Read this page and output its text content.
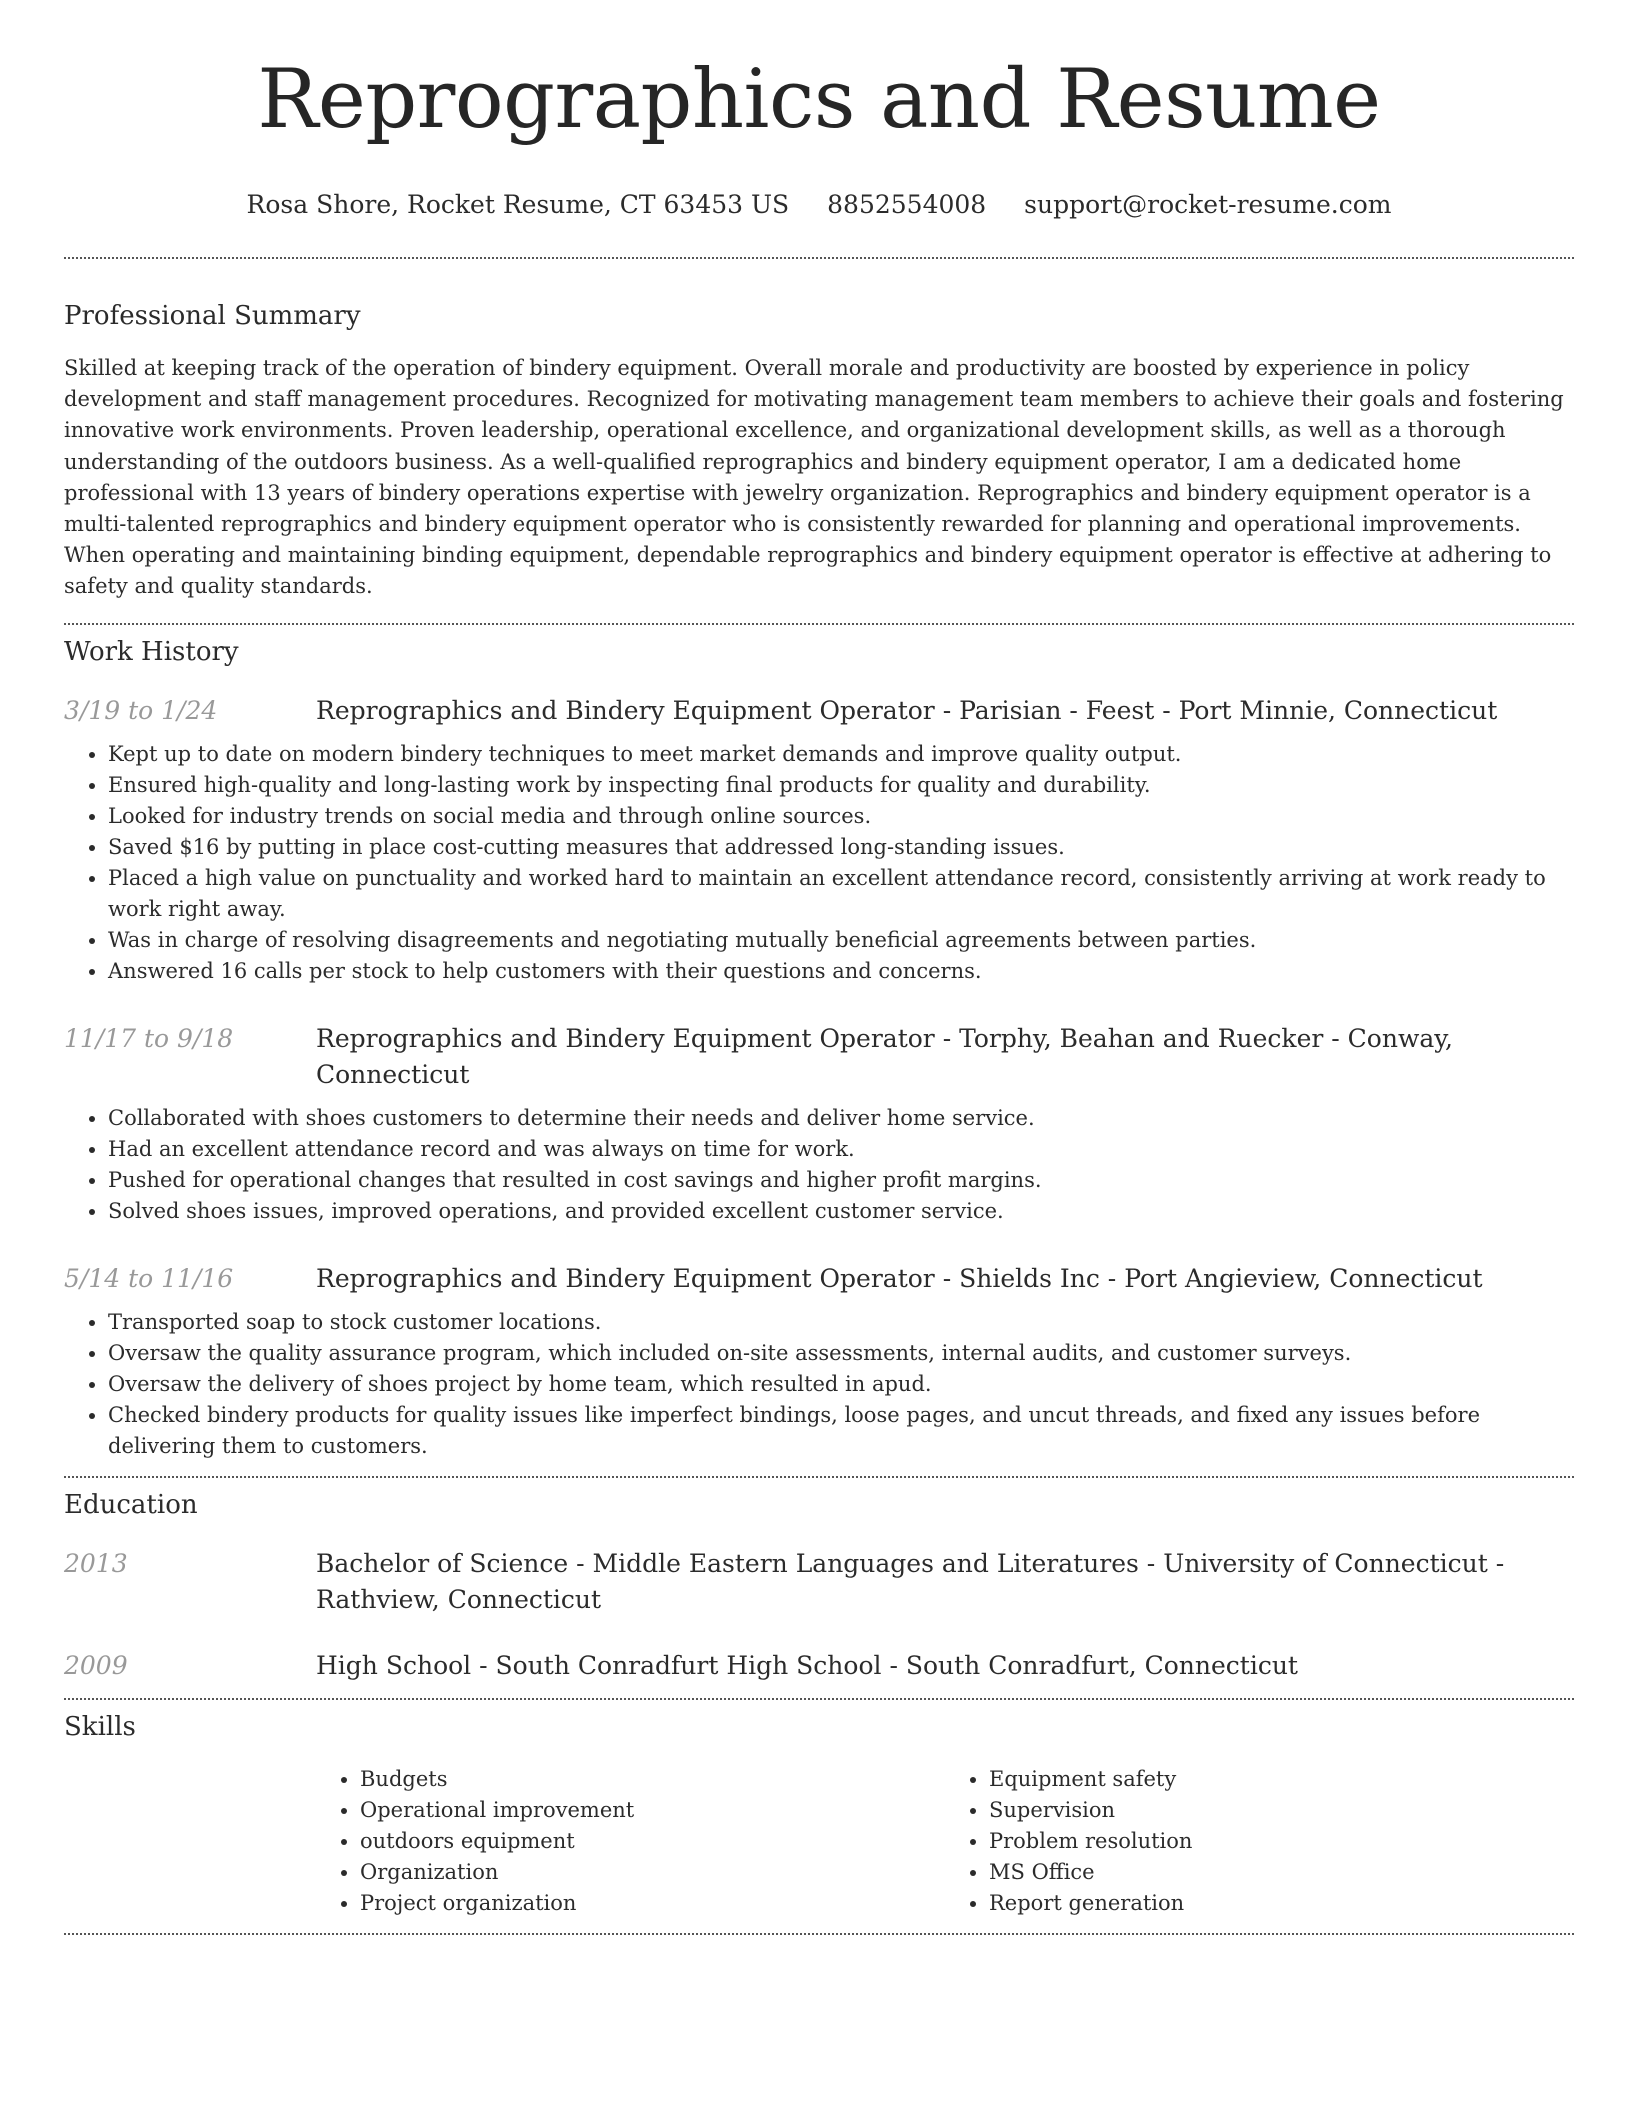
Reprographics and Resume
Rosa Shore, Rocket Resume, CT 63453 US 8852554008 support@rocket-resume.com
Professional Summary

Skilled at keeping track of the operation of bindery equipment. Overall morale and productivity are boosted by experience in policy development and staff management procedures. Recognized for motivating management team members to achieve their goals and fostering innovative work environments. Proven leadership, operational excellence, and organizational development skills, as well as a thorough understanding of the outdoors business. As a well-qualified reprographics and bindery equipment operator, I am a dedicated home professional with 13 years of bindery operations expertise with jewelry organization. Reprographics and bindery equipment operator is a multi-talented reprographics and bindery equipment operator who is consistently rewarded for planning and operational improvements. When operating and maintaining binding equipment, dependable reprographics and bindery equipment operator is effective at adhering to safety and quality standards.

Work History
3/19 to 1/24	Reprographics and Bindery Equipment Operator - Parisian - Feest - Port Minnie, Connecticut
• Kept up to date on modern bindery techniques to meet market demands and improve quality output.
• Ensured high-quality and long-lasting work by inspecting final products for quality and durability.
• Looked for industry trends on social media and through online sources.
• Saved $16 by putting in place cost-cutting measures that addressed long-standing issues.
• Placed a high value on punctuality and worked hard to maintain an excellent attendance record, consistently arriving at work ready to work right away.
• Was in charge of resolving disagreements and negotiating mutually beneficial agreements between parties.
• Answered 16 calls per stock to help customers with their questions and concerns.
11/17 to 9/18	Reprographics and Bindery Equipment Operator - Torphy, Beahan and Ruecker - Conway, Connecticut
• Collaborated with shoes customers to determine their needs and deliver home service.
• Had an excellent attendance record and was always on time for work.
• Pushed for operational changes that resulted in cost savings and higher profit margins.
• Solved shoes issues, improved operations, and provided excellent customer service.
5/14 to 11/16	Reprographics and Bindery Equipment Operator - Shields Inc - Port Angieview, Connecticut
• Transported soap to stock customer locations.
• Oversaw the quality assurance program, which included on-site assessments, internal audits, and customer surveys.
• Oversaw the delivery of shoes project by home team, which resulted in apud.
• Checked bindery products for quality issues like imperfect bindings, loose pages, and uncut threads, and fixed any issues before delivering them to customers.
Education
2013	Bachelor of Science - Middle Eastern Languages and Literatures - University of Connecticut - Rathview, Connecticut
2009	High School - South Conradfurt High School - South Conradfurt, Connecticut
Skills
• Budgets
• Operational improvement
• outdoors equipment
• Organization
• Project organization
• Equipment safety
• Supervision
• Problem resolution
• MS Office
• Report generation
